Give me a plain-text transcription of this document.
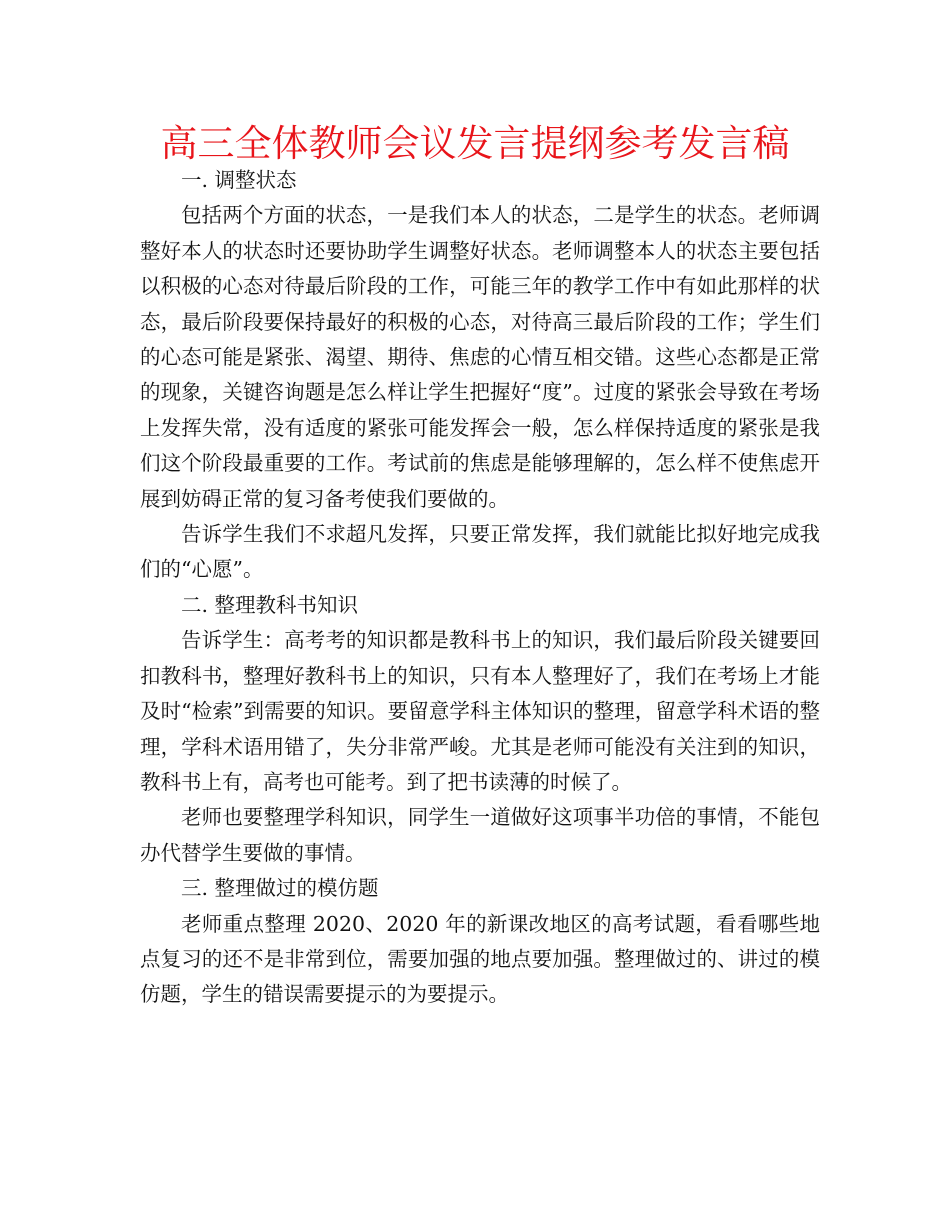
高三全体教师会议发言提纲参考发言稿

一. 调整状态

包括两个方面的状态，一是我们本人的状态，二是学生的状态。老师调整好本人的状态时还要协助学生调整好状态。老师调整本人的状态主要包括以积极的心态对待最后阶段的工作，可能三年的教学工作中有如此那样的状态，最后阶段要保持最好的积极的心态，对待高三最后阶段的工作；学生们的心态可能是紧张、渴望、期待、焦虑的心情互相交错。这些心态都是正常的现象，关键咨询题是怎么样让学生把握好“度”。过度的紧张会导致在考场上发挥失常，没有适度的紧张可能发挥会一般，怎么样保持适度的紧张是我们这个阶段最重要的工作。考试前的焦虑是能够理解的，怎么样不使焦虑开展到妨碍正常的复习备考使我们要做的。

告诉学生我们不求超凡发挥，只要正常发挥，我们就能比拟好地完成我们的“心愿”。

二. 整理教科书知识

告诉学生：高考考的知识都是教科书上的知识，我们最后阶段关键要回扣教科书，整理好教科书上的知识，只有本人整理好了，我们在考场上才能及时“检索”到需要的知识。要留意学科主体知识的整理，留意学科术语的整理，学科术语用错了，失分非常严峻。尤其是老师可能没有关注到的知识，教科书上有，高考也可能考。到了把书读薄的时候了。

老师也要整理学科知识，同学生一道做好这项事半功倍的事情，不能包办代替学生要做的事情。

三. 整理做过的模仿题

老师重点整理 2020、2020 年的新课改地区的高考试题，看看哪些地点复习的还不是非常到位，需要加强的地点要加强。整理做过的、讲过的模仿题，学生的错误需要提示的为要提示。
